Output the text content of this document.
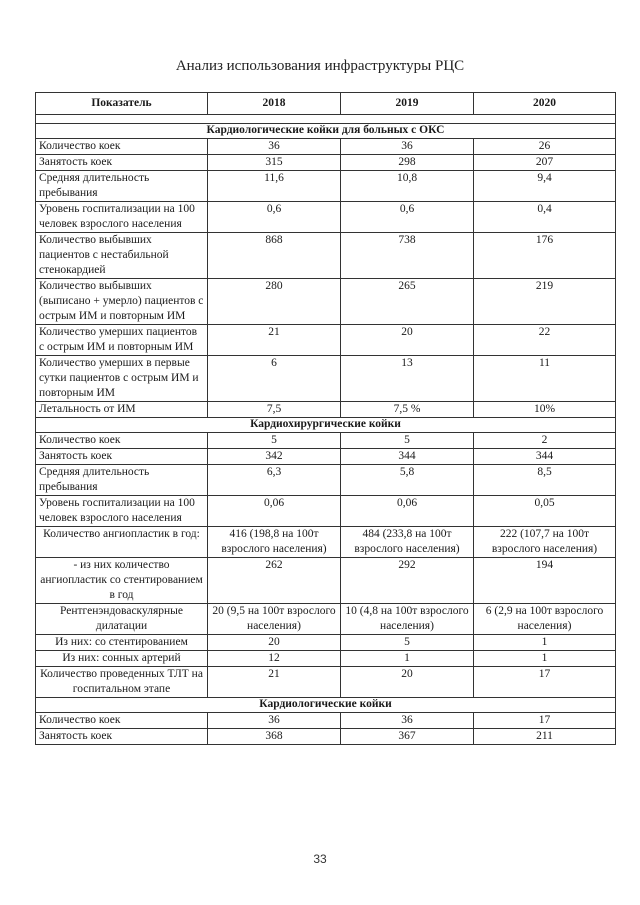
Анализ использования инфраструктуры РЦС
Показатель	2018	2019	2020

Кардиологические койки для больных с ОКС			
Количество коек	36	36	26
Занятость коек	315	298	207
Средняя длительность пребывания	11,6	10,8	9,4
Уровень госпитализации на 100 человек взрослого населения	0,6	0,6	0,4
Количество выбывших пациентов с нестабильной стенокардией	868	738	176
Количество выбывших (выписано + умерло) пациентов с острым ИМ и повторным ИМ	280	265	219
Количество умерших пациентов с острым ИМ и повторным ИМ	21	20	22
Количество умерших в первые сутки пациентов с острым ИМ и повторным ИМ	6	13	11
Летальность от ИМ	7,5	7,5 %	10%
Кардиохирургические койки			
Количество коек	5	5	2
Занятость коек	342	344	344
Средняя длительность пребывания	6,3	5,8	8,5
Уровень госпитализации на 100 человек взрослого населения	0,06	0,06	0,05
Количество ангиопластик в год:	416 (198,8 на 100т взрослого населения)	484 (233,8 на 100т взрослого населения)	222 (107,7 на 100т взрослого населения)
- из них количество ангиопластик со стентированием в год	262	292	194
Рентгенэндоваскулярные дилатации	20 (9,5 на 100т взрослого населения)	10 (4,8 на 100т взрослого населения)	6 (2,9 на 100т взрослого населения)
Из них: со стентированием	20	5	1
Из них: сонных артерий	12	1	1
Количество проведенных ТЛТ на госпитальном этапе	21	20	17
Кардиологические койки			
Количество коек	36	36	17
Занятость коек	368	367	211
33
